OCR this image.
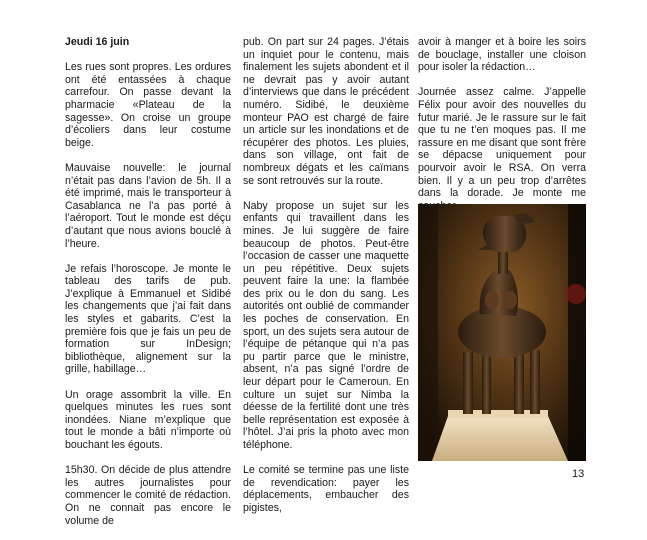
Jeudi 16 juin

Les rues sont propres. Les ordures ont été entassées à chaque carrefour. On passe devant la pharmacie «Plateau de la sagesse». On croise un groupe d’écoliers dans leur costume beige.

Mauvaise nouvelle: le journal n’était pas dans l’avion de 5h. Il a été imprimé, mais le transporteur à Casablanca ne l’a pas porté à l’aéroport. Tout le monde est déçu d’autant que nous avions bouclé à l’heure.

Je refais l’horoscope. Je monte le tableau des tarifs de pub. J’explique à Emmanuel et Sidibé les changements que j’ai fait dans les styles et gabarits. C’est la première fois que je fais un peu de formation sur InDesign; bibliothèque, alignement sur la grille, habillage…

Un orage assombrit la ville. En quelques minutes les rues sont inondées. Niane m’explique que tout le monde a bâti n’importe où bouchant les égouts.

15h30. On décide de plus attendre les autres journalistes pour commencer le comité de rédaction. On ne connait pas encore le volume de

pub. On part sur 24 pages. J’étais un inquiet pour le contenu, mais finalement les sujets abondent et il ne devrait pas y avoir autant d’interviews que dans le précédent numéro. Sidibé, le deuxième monteur PAO est chargé de faire un article sur les inondations et de récupérer des photos. Les pluies, dans son village, ont fait de nombreux dégats et les caïmans se sont retrouvés sur la route.

Naby propose un sujet sur les enfants qui travaillent dans les mines. Je lui suggère de faire beaucoup de photos. Peut-être l’occasion de casser une maquette un peu répétitive. Deux sujets peuvent faire la une: la flambée des prix ou le don du sang. Les autorités ont oublié de commander les poches de conservation. En sport, un des sujets sera autour de l’équipe de pétanque qui n’a pas pu partir parce que le ministre, absent, n’a pas signé l’ordre de leur départ pour le Cameroun. En culture un sujet sur Nimba la déesse de la fertilité dont une très belle représentation est exposée à l’hôtel. J’ai pris la photo avec mon téléphone.

Le comité se termine pas une liste de revendication: payer les déplacements, embaucher des pigistes,

avoir à manger et à boire les soirs de bouclage, installer une cloison pour isoler la rédaction…

Journée assez calme. J’appelle Félix pour avoir des nouvelles du futur marié. Je le rassure sur le fait que tu ne t’en moques pas. Il me rassure en me disant que sont frère se dépacse uniquement pour pourvoir avoir le RSA. On verra bien. Il y a un peu trop d’arrêtes dans la dorade. Je monte me

13
